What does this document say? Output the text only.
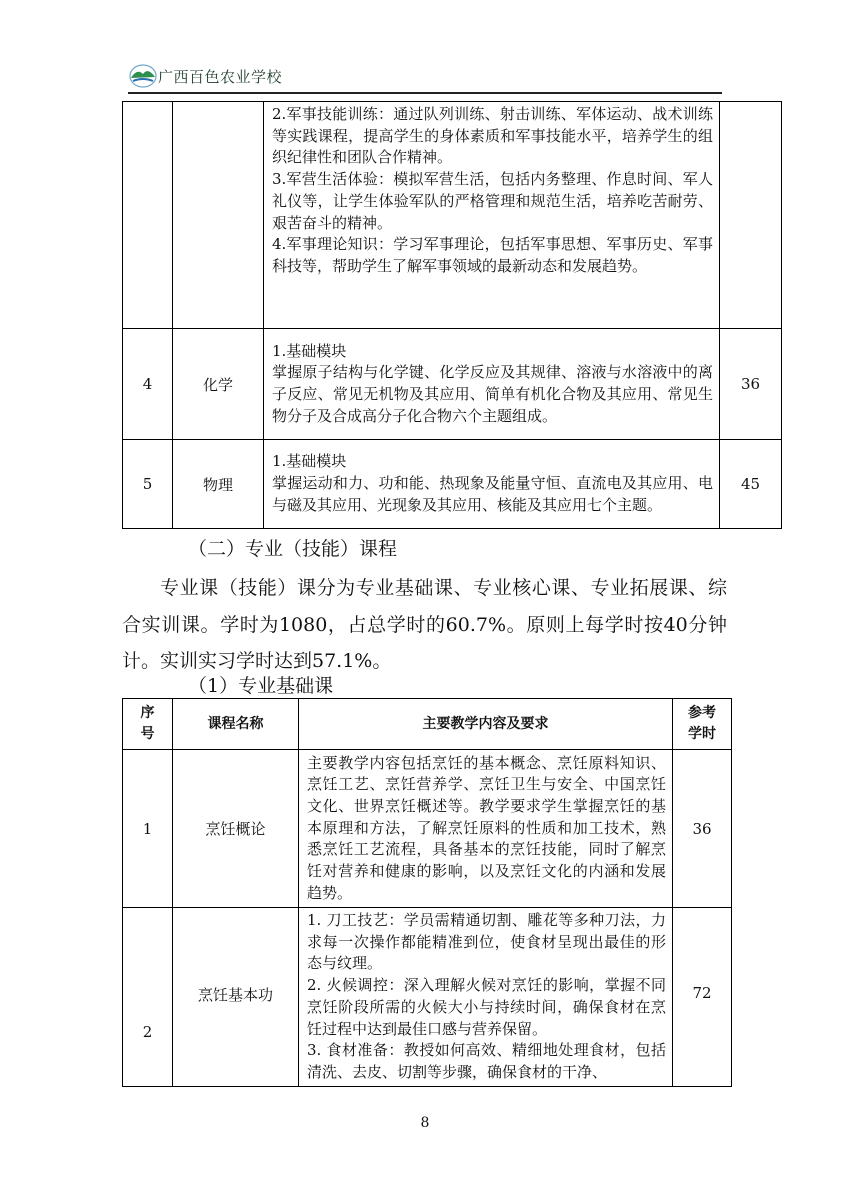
广西百色农业学校

		2.军事技能训练：通过队列训练、射击训练、军体运动、战术训练等实践课程，提高学生的身体素质和军事技能水平，培养学生的组织纪律性和团队合作精神。

3.军营生活体验：模拟军营生活，包括内务整理、作息时间、军人礼仪等，让学生体验军队的严格管理和规范生活，培养吃苦耐劳、艰苦奋斗的精神。

4.军事理论知识：学习军事理论，包括军事思想、军事历史、军事科技等，帮助学生了解军事领域的最新动态和发展趋势。	

4	化学	1.基础模块

掌握原子结构与化学键、化学反应及其规律、溶液与水溶液中的离子反应、常见无机物及其应用、简单有机化合物及其应用、常见生物分子及合成高分子化合物六个主题组成。	36
5	物理	1.基础模块

掌握运动和力、功和能、热现象及能量守恒、直流电及其应用、电与磁及其应用、光现象及其应用、核能及其应用七个主题。	45
（二）专业（技能）课程

专业课（技能）课分为专业基础课、专业核心课、专业拓展课、综合实训课。学时为1080，占总学时的60.7%。原则上每学时按40分钟计。实训实习学时达到57.1%。

（1）专业基础课
序号	课程名称	主要教学内容及要求	参考学时

1	烹饪概论	主要教学内容包括烹饪的基本概念、烹饪原料知识、烹饪工艺、烹饪营养学、烹饪卫生与安全、中国烹饪文化、世界烹饪概述等。教学要求学生掌握烹饪的基本原理和方法，了解烹饪原料的性质和加工技术，熟悉烹饪工艺流程，具备基本的烹饪技能，同时了解烹饪对营养和健康的影响，以及烹饪文化的内涵和发展趋势。	36
2	烹饪基本功	1. 刀工技艺：学员需精通切割、雕花等多种刀法，力求每一次操作都能精准到位，使食材呈现出最佳的形态与纹理。

2. 火候调控：深入理解火候对烹饪的影响，掌握不同烹饪阶段所需的火候大小与持续时间，确保食材在烹饪过程中达到最佳口感与营养保留。

3. 食材准备：教授如何高效、精细地处理食材，包括清洗、去皮、切割等步骤，确保食材的干净、	72
8
